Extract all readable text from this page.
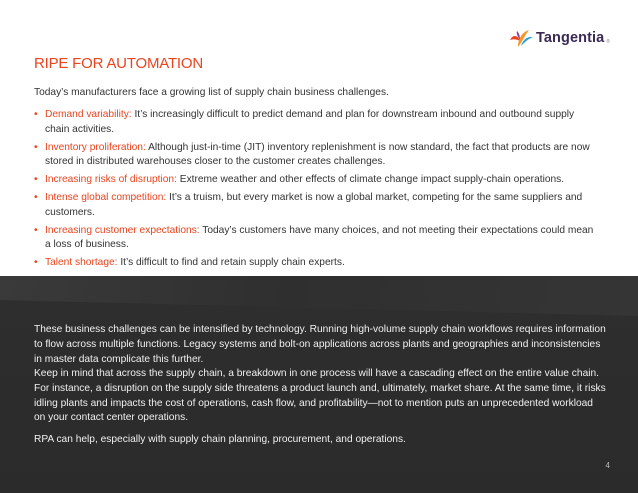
Tangentia ®
RIPE FOR AUTOMATION
Today’s manufacturers face a growing list of supply chain business challenges.
• Demand variability: It’s increasingly difficult to predict demand and plan for downstream inbound and outbound supply chain activities.
• Inventory proliferation: Although just-in-time (JIT) inventory replenishment is now standard, the fact that products are now stored in distributed warehouses closer to the customer creates challenges.
• Increasing risks of disruption: Extreme weather and other effects of climate change impact supply-chain operations.
• Intense global competition: It’s a truism, but every market is now a global market, competing for the same suppliers and customers.
• Increasing customer expectations: Today’s customers have many choices, and not meeting their expectations could mean a loss of business.
• Talent shortage: It’s difficult to find and retain supply chain experts.
These business challenges can be intensified by technology. Running high-volume supply chain workflows requires information to flow across multiple functions. Legacy systems and bolt-on applications across plants and geographies and inconsistencies in master data complicate this further.
Keep in mind that across the supply chain, a breakdown in one process will have a cascading effect on the entire value chain. For instance, a disruption on the supply side threatens a product launch and, ultimately, market share. At the same time, it risks idling plants and impacts the cost of operations, cash flow, and profitability—not to mention puts an unprecedented workload on your contact center operations.
RPA can help, especially with supply chain planning, procurement, and operations.
4
